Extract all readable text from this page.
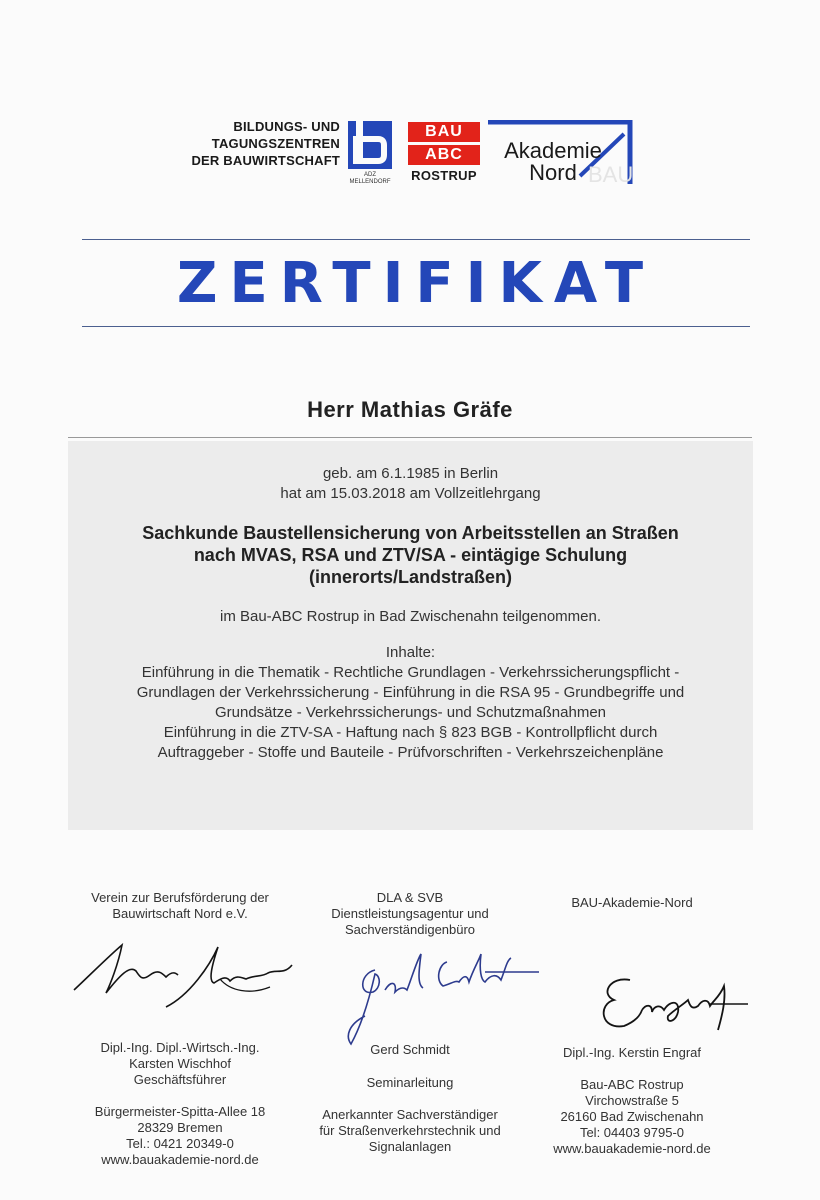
BILDUNGS- UND
TAGUNGSZENTREN
DER BAUWIRTSCHAFT
ADZ
MELLENDORF
BAU
ABC
ROSTRUP	BAU
Akademie
Nord
ZERTIFIKAT
Herr Mathias Gräfe
geb. am 6.1.1985 in Berlin
hat am 15.03.2018 am Vollzeitlehrgang
Sachkunde Baustellensicherung von Arbeitsstellen an Straßen
nach MVAS, RSA und ZTV/SA - eintägige Schulung
(innerorts/Landstraßen)
im Bau-ABC Rostrup in Bad Zwischenahn teilgenommen.
Inhalte:
Einführung in die Thematik - Rechtliche Grundlagen - Verkehrssicherungspflicht -
Grundlagen der Verkehrssicherung - Einführung in die RSA 95 - Grundbegriffe und
Grundsätze - Verkehrssicherungs- und Schutzmaßnahmen
Einführung in die ZTV-SA - Haftung nach § 823 BGB - Kontrollpflicht durch
Auftraggeber - Stoffe und Bauteile - Prüfvorschriften - Verkehrszeichenpläne
Verein zur Berufsförderung der
Bauwirtschaft Nord e.V.
Dipl.-Ing. Dipl.-Wirtsch.-Ing.
Karsten Wischhof
Geschäftsführer
Bürgermeister-Spitta-Allee 18
28329 Bremen
Tel.: 0421 20349-0
www.bauakademie-nord.de
DLA & SVB
Dienstleistungsagentur und
Sachverständigenbüro
Gerd Schmidt
Seminarleitung
Anerkannter Sachverständiger
für Straßenverkehrstechnik und
Signalanlagen
BAU-Akademie-Nord
Dipl.-Ing. Kerstin Engraf
Bau-ABC Rostrup
Virchowstraße 5
26160 Bad Zwischenahn
Tel: 04403 9795-0
www.bauakademie-nord.de
